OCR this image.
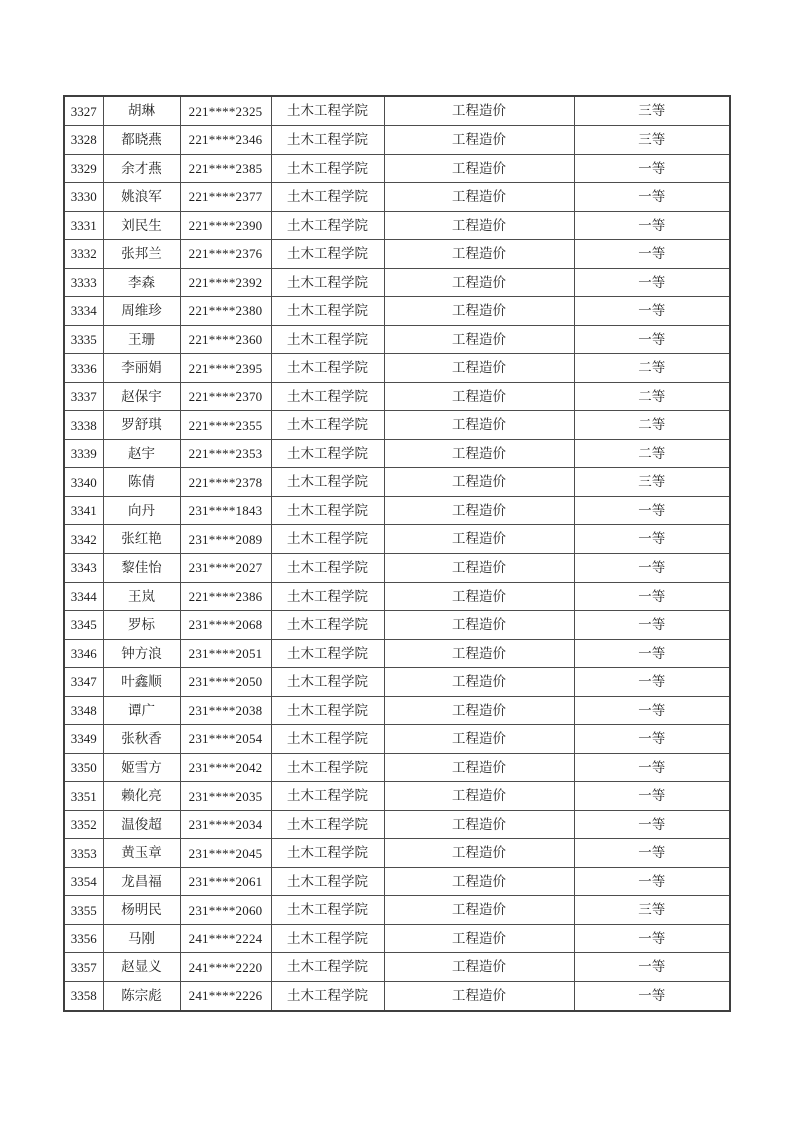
3327	胡琳	221****2325	土木工程学院	工程造价	三等
3328	都晓燕	221****2346	土木工程学院	工程造价	三等
3329	余才燕	221****2385	土木工程学院	工程造价	一等
3330	姚浪军	221****2377	土木工程学院	工程造价	一等
3331	刘民生	221****2390	土木工程学院	工程造价	一等
3332	张邦兰	221****2376	土木工程学院	工程造价	一等
3333	李森	221****2392	土木工程学院	工程造价	一等
3334	周维珍	221****2380	土木工程学院	工程造价	一等
3335	王珊	221****2360	土木工程学院	工程造价	一等
3336	李丽娟	221****2395	土木工程学院	工程造价	二等
3337	赵保宇	221****2370	土木工程学院	工程造价	二等
3338	罗舒琪	221****2355	土木工程学院	工程造价	二等
3339	赵宇	221****2353	土木工程学院	工程造价	二等
3340	陈倩	221****2378	土木工程学院	工程造价	三等
3341	向丹	231****1843	土木工程学院	工程造价	一等
3342	张红艳	231****2089	土木工程学院	工程造价	一等
3343	黎佳怡	231****2027	土木工程学院	工程造价	一等
3344	王岚	221****2386	土木工程学院	工程造价	一等
3345	罗标	231****2068	土木工程学院	工程造价	一等
3346	钟方浪	231****2051	土木工程学院	工程造价	一等
3347	叶鑫顺	231****2050	土木工程学院	工程造价	一等
3348	谭广	231****2038	土木工程学院	工程造价	一等
3349	张秋香	231****2054	土木工程学院	工程造价	一等
3350	姬雪方	231****2042	土木工程学院	工程造价	一等
3351	赖化亮	231****2035	土木工程学院	工程造价	一等
3352	温俊超	231****2034	土木工程学院	工程造价	一等
3353	黄玉章	231****2045	土木工程学院	工程造价	一等
3354	龙昌福	231****2061	土木工程学院	工程造价	一等
3355	杨明民	231****2060	土木工程学院	工程造价	三等
3356	马刚	241****2224	土木工程学院	工程造价	一等
3357	赵显义	241****2220	土木工程学院	工程造价	一等
3358	陈宗彪	241****2226	土木工程学院	工程造价	一等
